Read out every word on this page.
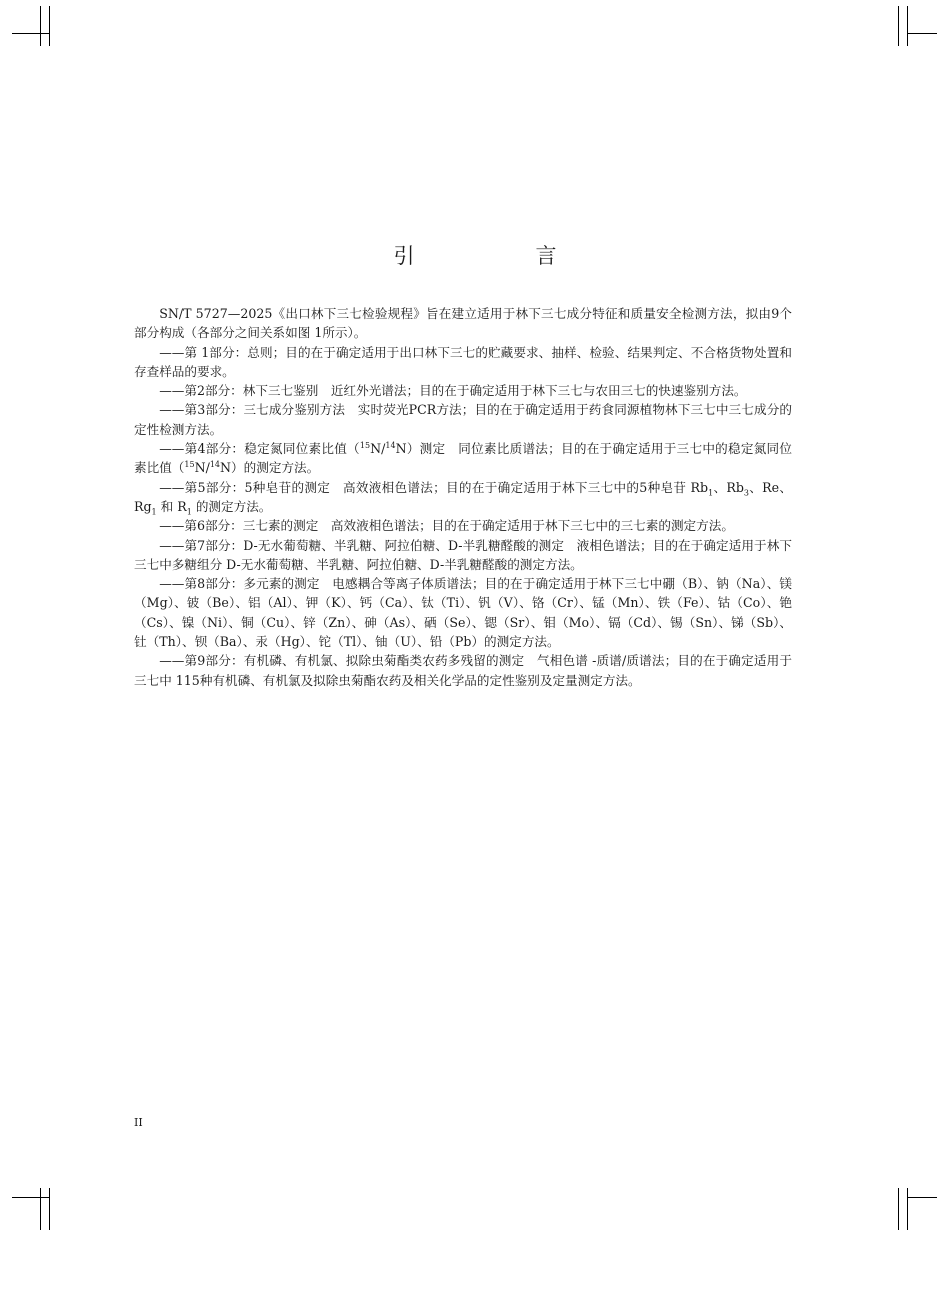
引　言

SN/T 5727—2025《出口林下三七检验规程》旨在建立适用于林下三七成分特征和质量安全检测方法，拟由9个部分构成（各部分之间关系如图 1所示）。

——第 1部分：总则；目的在于确定适用于出口林下三七的贮藏要求、抽样、检验、结果判定、不合格货物处置和存查样品的要求。

——第2部分：林下三七鉴别　近红外光谱法；目的在于确定适用于林下三七与农田三七的快速鉴别方法。

——第3部分：三七成分鉴别方法　实时荧光PCR方法；目的在于确定适用于药食同源植物林下三七中三七成分的定性检测方法。

——第4部分：稳定氮同位素比值（$^{15}$N/$^{14}$N）测定　同位素比质谱法；目的在于确定适用于三七中的稳定氮同位素比值（$^{15}$N/$^{14}$N）的测定方法。

——第5部分：5种皂苷的测定　高效液相色谱法；目的在于确定适用于林下三七中的5种皂苷 $Rb_1$、$Rb_3$、Re、$Rg_1$ 和 $R_1$ 的测定方法。

——第6部分：三七素的测定　高效液相色谱法；目的在于确定适用于林下三七中的三七素的测定方法。

——第7部分：D-无水葡萄糖、半乳糖、阿拉伯糖、D-半乳糖醛酸的测定　液相色谱法；目的在于确定适用于林下三七中多糖组分 D-无水葡萄糖、半乳糖、阿拉伯糖、D-半乳糖醛酸的测定方法。

——第8部分：多元素的测定　电感耦合等离子体质谱法；目的在于确定适用于林下三七中硼（B）、钠（Na）、镁（Mg）、铍（Be）、铝（Al）、钾（K）、钙（Ca）、钛（Ti）、钒（V）、铬（Cr）、锰（Mn）、铁（Fe）、钴（Co）、铯（Cs）、镍（Ni）、铜（Cu）、锌（Zn）、砷（As）、硒（Se）、锶（Sr）、钼（Mo）、镉（Cd）、锡（Sn）、锑（Sb）、钍（Th）、钡（Ba）、汞（Hg）、铊（Tl）、铀（U）、铅（Pb）的测定方法。

——第9部分：有机磷、有机氯、拟除虫菊酯类农药多残留的测定　气相色谱 -质谱/质谱法；目的在于确定适用于三七中 115种有机磷、有机氯及拟除虫菊酯农药及相关化学品的定性鉴别及定量测定方法。

II
